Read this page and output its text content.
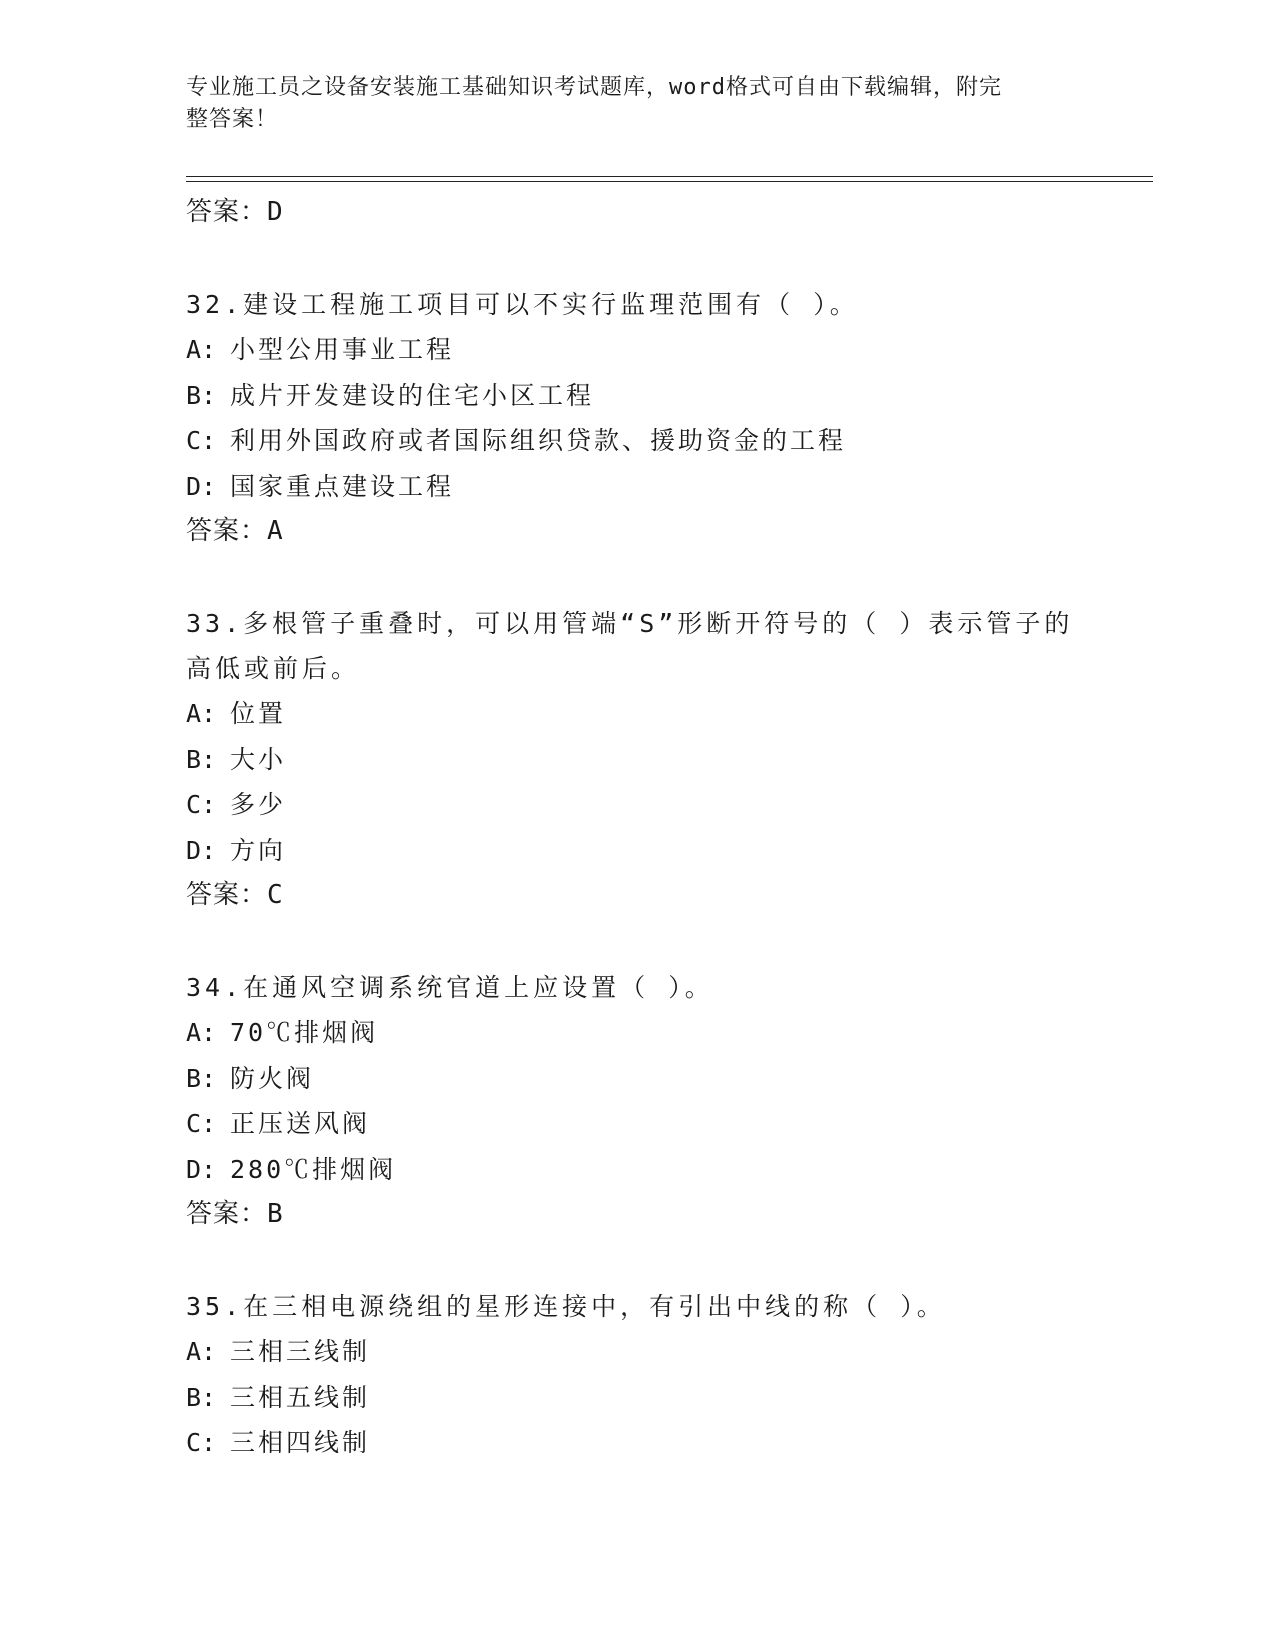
专业施工员之设备安装施工基础知识考试题库，word格式可自由下载编辑，附完
整答案！
答案：D
32.建设工程施工项目可以不实行监理范围有（ ）。
A: 小型公用事业工程
B: 成片开发建设的住宅小区工程
C: 利用外国政府或者国际组织贷款、援助资金的工程
D: 国家重点建设工程
答案：A
33.多根管子重叠时，可以用管端“S”形断开符号的（ ）表示管子的
高低或前后。
A: 位置
B: 大小
C: 多少
D: 方向
答案：C
34.在通风空调系统官道上应设置（ ）。
A: 70℃排烟阀
B: 防火阀
C: 正压送风阀
D: 280℃排烟阀
答案：B
35.在三相电源绕组的星形连接中，有引出中线的称（ ）。
A: 三相三线制
B: 三相五线制
C: 三相四线制
